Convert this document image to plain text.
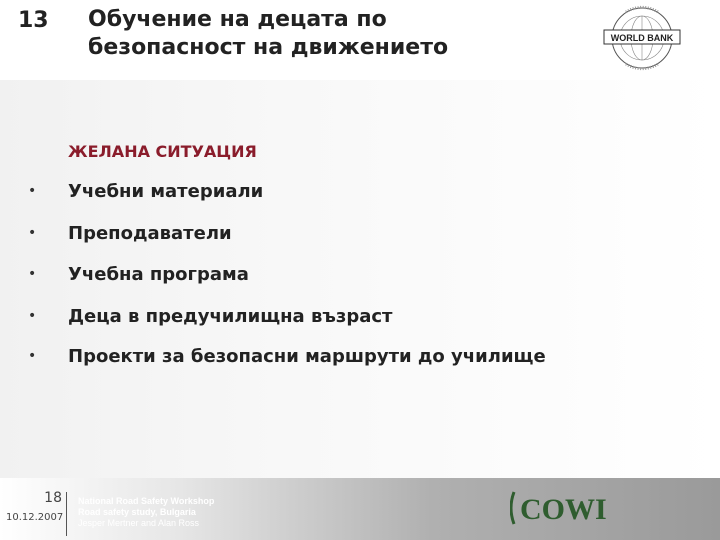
13 Обучение на децата по
безопасност на движението	WORLD BANK
ЖЕЛАНА СИТУАЦИЯ
• Учебни материали
• Преподаватели
• Учебна програма
• Деца в предучилищна възраст
• Проекти за безопасни маршрути до училище
18
10.12.2007
National Road Safety Workshop
Road safety study, Bulgaria
Jesper Mertner and Alan Ross	COWI
